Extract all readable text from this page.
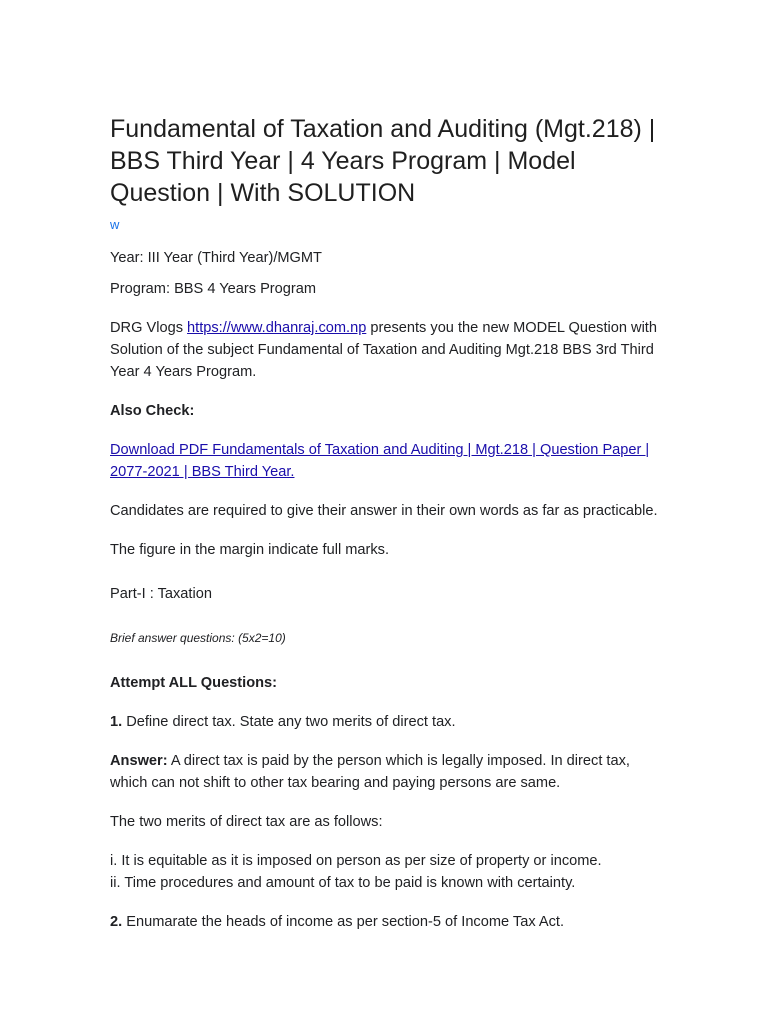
Fundamental of Taxation and Auditing (Mgt.218) | BBS Third Year | 4 Years Program | Model Question | With SOLUTION
w

Year: III Year (Third Year)/MGMT

Program: BBS 4 Years Program

DRG Vlogs https://www.dhanraj.com.np presents you the new MODEL Question with Solution of the subject Fundamental of Taxation and Auditing Mgt.218 BBS 3rd Third Year 4 Years Program.

Also Check:

Download PDF Fundamentals of Taxation and Auditing | Mgt.218 | Question Paper | 2077-2021 | BBS Third Year.

Candidates are required to give their answer in their own words as far as practicable.

The figure in the margin indicate full marks.

Part-I : Taxation

Brief answer questions: (5x2=10)

Attempt ALL Questions:

1. Define direct tax. State any two merits of direct tax.

Answer: A direct tax is paid by the person which is legally imposed. In direct tax, which can not shift to other tax bearing and paying persons are same.

The two merits of direct tax are as follows:

i. It is equitable as it is imposed on person as per size of property or income.

ii. Time procedures and amount of tax to be paid is known with certainty.

2. Enumarate the heads of income as per section-5 of Income Tax Act.
